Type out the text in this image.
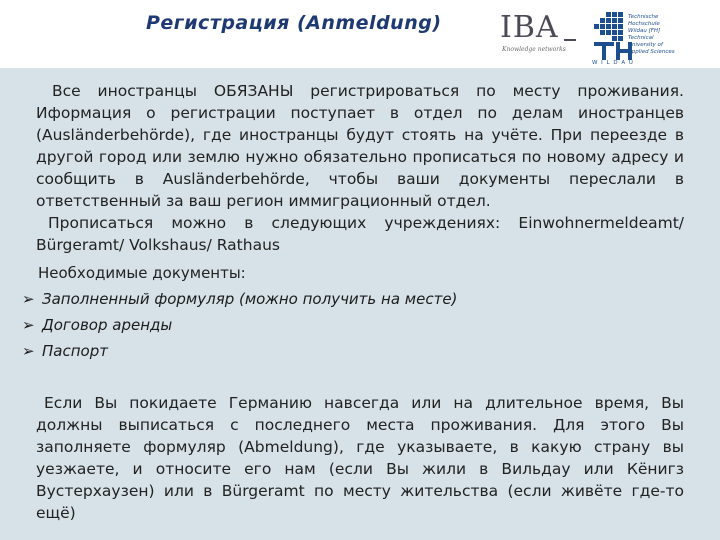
Регистрация (Anmeldung) IBA
Knowledge networks
Technische
Hochschule
Wildau [FH]
Technical
University of
Applied Sciences
W I L D A U

Все иностранцы ОБЯЗАНЫ регистрироваться по месту проживания. Иформация о регистрации поступает в отдел по делам иностранцев (Ausländerbehörde), где иностранцы будут стоять на учёте. При переезде в другой город или землю нужно обязательно прописаться по новому адресу и сообщить в Ausländerbehörde, чтобы ваши документы переслали в ответственный за ваш регион иммиграционный отдел.

Прописаться можно в следующих учреждениях: Einwohnermeldeamt/ Bürgeramt/ Volkshaus/ Rathaus

Необходимые документы:

➢ Заполненный формуляр (можно получить на месте)
➢ Договор аренды
➢ Паспорт

Если Вы покидаете Германию навсегда или на длительное время, Вы должны выписаться с последнего места проживания. Для этого Вы заполняете формуляр (Abmeldung), где указываете, в какую страну вы уезжаете, и относите его нам (если Вы жили в Вильдау или Кёнигз Вустерхаузен) или в Bürgeramt по месту жительства (если живёте где-то ещё)
